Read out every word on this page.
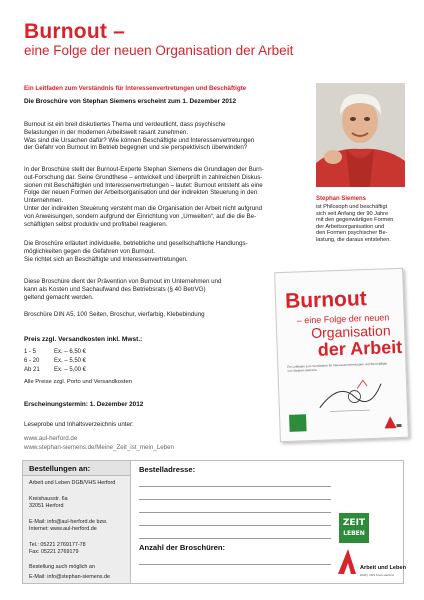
Burnout –
eine Folge der neuen Organisation der Arbeit
Ein Leitfaden zum Verständnis für Interessenvertretungen und Beschäftigte
Die Broschüre von Stephan Siemens erscheint zum 1. Dezember 2012
Burnout ist ein breit diskutiertes Thema und verdeutlicht, dass psychische
Belastungen in der modernen Arbeitswelt rasant zunehmen.
Was sind die Ursachen dafür? Wie können Beschäftigte und Interessenvertretungen
der Gefahr von Burnout im Betrieb begegnen und sie perspektivisch überwinden?
In der Broschüre stellt der Burnout-Experte Stephan Siemens die Grundlagen der Burn-
out-Forschung dar. Seine Grundthese – entwickelt und überprüft in zahlreichen Diskus-
sionen mit Beschäftigten und Interessenvertretungen – lautet: Burnout entsteht als eine
Folge der neuen Formen der Arbeitsorganisation und der indirekten Steuerung in den
Unternehmen.
Unter der indirekten Steuerung versteht man die Organisation der Arbeit nicht aufgrund
von Anweisungen, sondern aufgrund der Einrichtung von „Umwelten“, auf die die Be-
schäftigten selbst produktiv und profitabel reagieren.
Die Broschüre erläutert individuelle, betriebliche und gesellschaftliche Handlungs-
möglichkeiten gegen die Gefahren von Burnout.
Sie richtet sich an Beschäftigte und Interessenvertretungen.
Diese Broschüre dient der Prävention von Burnout im Unternehmen und
kann als Kosten und Sachaufwand des Betriebsrats (§ 40 BetrVG)
geltend gemacht werden.
Broschüre DIN A5, 100 Seiten, Broschur, vierfarbig, Klebebindung
Stephan Siemens
ist Philosoph und beschäftigt
sich seit Anfang der 90 Jahre
mit den gegenwärtigen Formen
der Arbeitsorganisation und
den Formen psychischer Be-
lastung, die daraus entstehen.
Burnout
– eine Folge der neuen
Organisation
der Arbeit
Ein Leitfaden zum Verständnis für Interessenvertretungen und Beschäftigte
von Stephan Siemens
Preis zzgl. Versandkosten inkl. Mwst.:
1 - 5	Ex. – 6,50 €
6 - 20 Ex. – 5,50 €
Ab 21 Ex. – 5,00 €
Alle Preise zzgl. Porto und Versandkosten
Erscheinungstermin: 1. Dezember 2012
Leseprobe und Inhaltsverzeichnis unter:
www.aul-herford.de
www.stephan-siemens.de/Meine_Zeit_ist_mein_Leben
Bestellungen an:
Arbeit und Leben DGB/VHS Herford
Kreishausstr. 6a
32051 Herford
E-Mail: info@aul-herford.de bzw.
Internet: www.aul-herford.de
Tel.: 05221 2769177-78
Fax: 05221 2769179
Bestellung auch möglich an
E-Mail: info@stephan-siemens.de
Bestelladresse:
Anzahl der Broschüren:
ZEIT
LEBEN
Arbeit und Leben
DGB | VHS Kreis Herford
